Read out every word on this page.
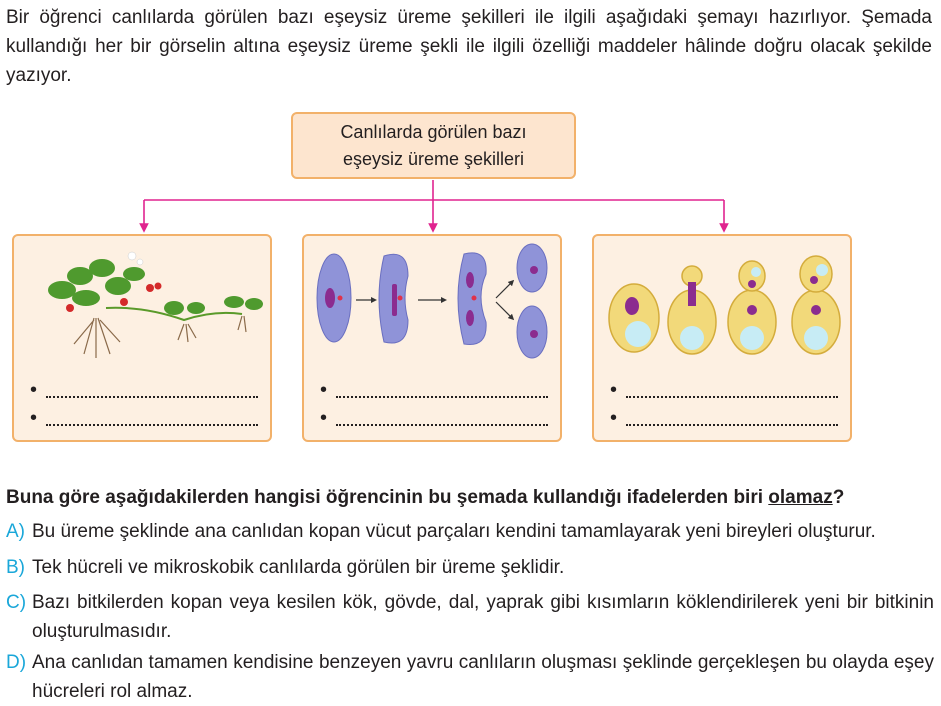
Bir öğrenci canlılarda görülen bazı eşeysiz üreme şekilleri ile ilgili aşağıdaki şemayı hazırlıyor. Şemada kullandığı her bir görselin altına eşeysiz üreme şekli ile ilgili özelliği maddeler hâlinde doğru olacak şekilde yazıyor.

Canlılarda görülen bazı
eşeysiz üreme şekilleri
•
•
•
•
•
•

Buna göre aşağıdakilerden hangisi öğrencinin bu şemada kullandığı ifadelerden biri olamaz?

A) Bu üreme şeklinde ana canlıdan kopan vücut parçaları kendini tamamlayarak yeni bireyleri oluşturur.

B) Tek hücreli ve mikroskobik canlılarda görülen bir üreme şeklidir.

C) Bazı bitkilerden kopan veya kesilen kök, gövde, dal, yaprak gibi kısımların köklendirilerek yeni bir bitkinin oluşturulmasıdır.

D) Ana canlıdan tamamen kendisine benzeyen yavru canlıların oluşması şeklinde gerçekleşen bu olayda eşey hücreleri rol almaz.
